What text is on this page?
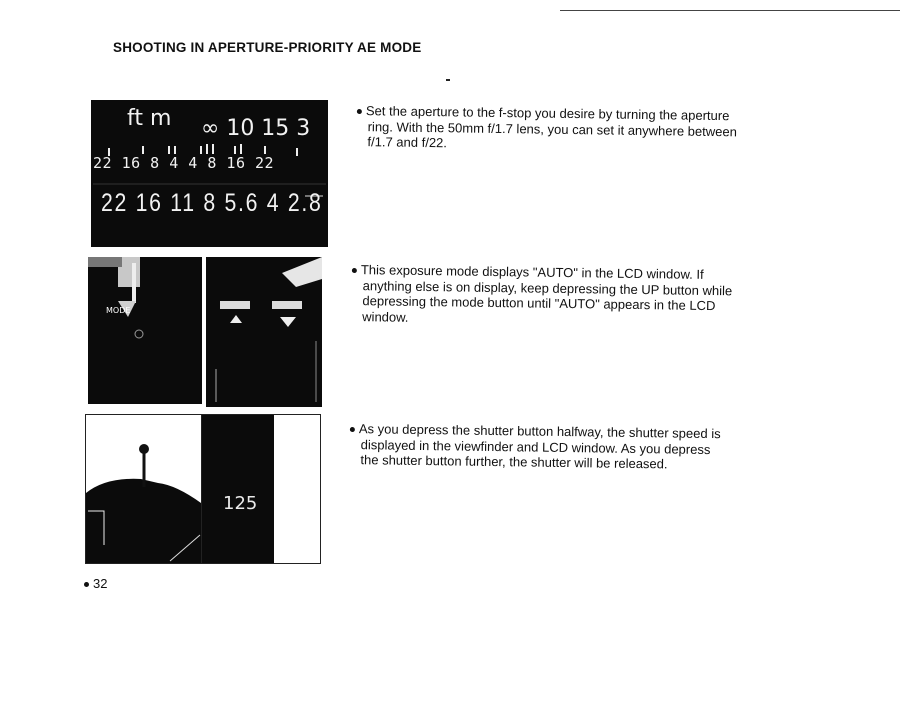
SHOOTING IN APERTURE-PRIORITY AE MODE
ft m ∞ 10 15 3
22 16 8 4 4 8 16 22
22 16 11 8 5.6 4 2.8
MODE
125
Set the aperture to the f-stop you desire by turning the aperture
ring. With the 50mm f/1.7 lens, you can set it anywhere between
f/1.7 and f/22.
This exposure mode displays "AUTO" in the LCD window. If
anything else is on display, keep depressing the UP button while
depressing the mode button until "AUTO" appears in the LCD
window.
As you depress the shutter button halfway, the shutter speed is
displayed in the viewfinder and LCD window. As you depress
the shutter button further, the shutter will be released.
32
